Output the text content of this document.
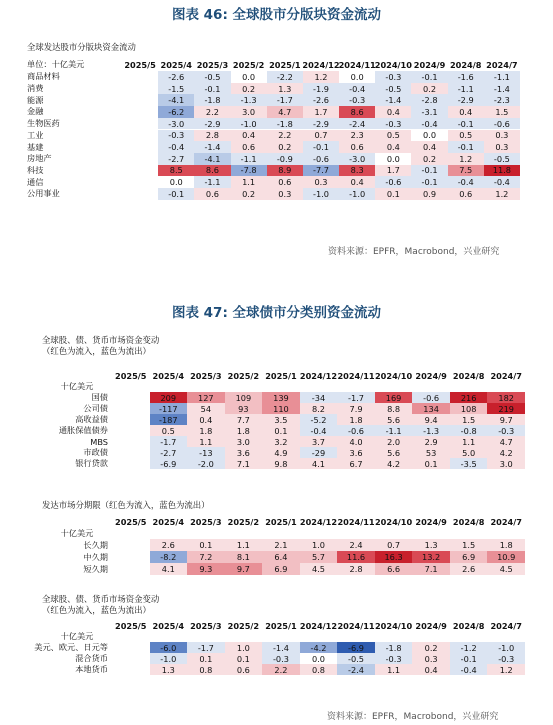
图表 46: 全球股市分版块资金流动
全球发达股市分版块资金流动
单位：十亿美元	2025/5 2025/4 2025/3 2025/2 2025/1 2024/12 2024/11 2024/10 2024/9 2024/8 2024/7
商品材料	-2.6	-0.5	0.0	-2.2	1.2	0.0	-0.3	-0.1	-1.6	-1.1
消费	-1.5	-0.1	0.2	1.3	-1.9	-0.4	-0.5	0.2	-1.1	-1.4
能源	-4.1	-1.8	-1.3	-1.7	-2.6	-0.3	-1.4	-2.8	-2.9	-2.3
金融	-6.2	2.2	3.0	4.7	1.7	8.6	0.4	-3.1	0.4	1.5
生物医药	-3.0	-2.9	-1.0	-1.8	-2.9	-2.4	-0.3	-0.4	-0.1	-0.6
工业	-0.3	2.8	0.4	2.2	0.7	2.3	0.5	0.0	0.5	0.3
基建	-0.4	-1.4	0.6	0.2	-0.1	0.6	0.4	0.4	-0.1	0.3
房地产	-2.7	-4.1	-1.1	-0.9	-0.6	-3.0	0.0	0.2	1.2	-0.5
科技	8.5	8.6	-7.8	8.9	-7.7	8.3	1.7	-0.1	7.5	11.8
通信	0.0	-1.1	1.1	0.6	0.3	0.4	-0.6	-0.1	-0.4	-0.4
公用事业	-0.1	0.6	0.2	0.3	-1.0	-1.0	0.1	0.9	0.6	1.2
资料来源：EPFR，Macrobond，兴业研究
图表 47: 全球债市分类别资金流动
全球股、债、货币市场资金变动
（红色为流入，蓝色为流出）
2025/5 2025/4 2025/3 2025/2 2025/1 2024/12 2024/11 2024/10 2024/9 2024/8 2024/7
十亿美元
国债	209	127	109	139	-34	-1.7	169	-0.6	216	182
公司债	-117	54	93	110	8.2	7.9	8.8	134	108	219
高收益债	-187	0.4	7.7	3.5	-5.2	1.8	5.6	9.4	1.5	9.7
通胀保值债券	0.5	1.8	1.8	0.1	-0.4	-0.6	-1.1	-1.3	-0.8	-0.3
MBS	-1.7	1.1	3.0	3.2	3.7	4.0	2.0	2.9	1.1	4.7
市政债	-2.7	-13	3.6	4.9	-29	3.6	5.6	53	5.0	4.2
银行贷款	-6.9	-2.0	7.1	9.8	4.1	6.7	4.2	0.1	-3.5	3.0
发达市场分期限（红色为流入，蓝色为流出）
2025/5 2025/4 2025/3 2025/2 2025/1 2024/12 2024/11 2024/10 2024/9 2024/8 2024/7
十亿美元
长久期	2.6	0.1	1.1	2.1	1.0	2.4	0.7	1.3	1.5	1.8
中久期	-8.2	7.2	8.1	6.4	5.7	11.6	16.3	13.2	6.9	10.9
短久期	4.1	9.3	9.7	6.9	4.5	2.8	6.6	7.1	2.6	4.5
全球股、债、货币市场资金变动
（红色为流入，蓝色为流出）
2025/5 2025/4 2025/3 2025/2 2025/1 2024/12 2024/11 2024/10 2024/9 2024/8 2024/7
十亿美元
美元、欧元、日元等	-6.0	-1.7	1.0	-1.4	-4.2	-6.9	-1.8	0.2	-1.2	-1.0
混合货币	-1.0	0.1	0.1	-0.3	0.0	-0.5	-0.3	0.3	-0.1	-0.3
本地货币	1.3	0.8	0.6	2.2	0.8	-2.4	1.1	0.4	-0.4	1.2
资料来源：EPFR，Macrobond，兴业研究
